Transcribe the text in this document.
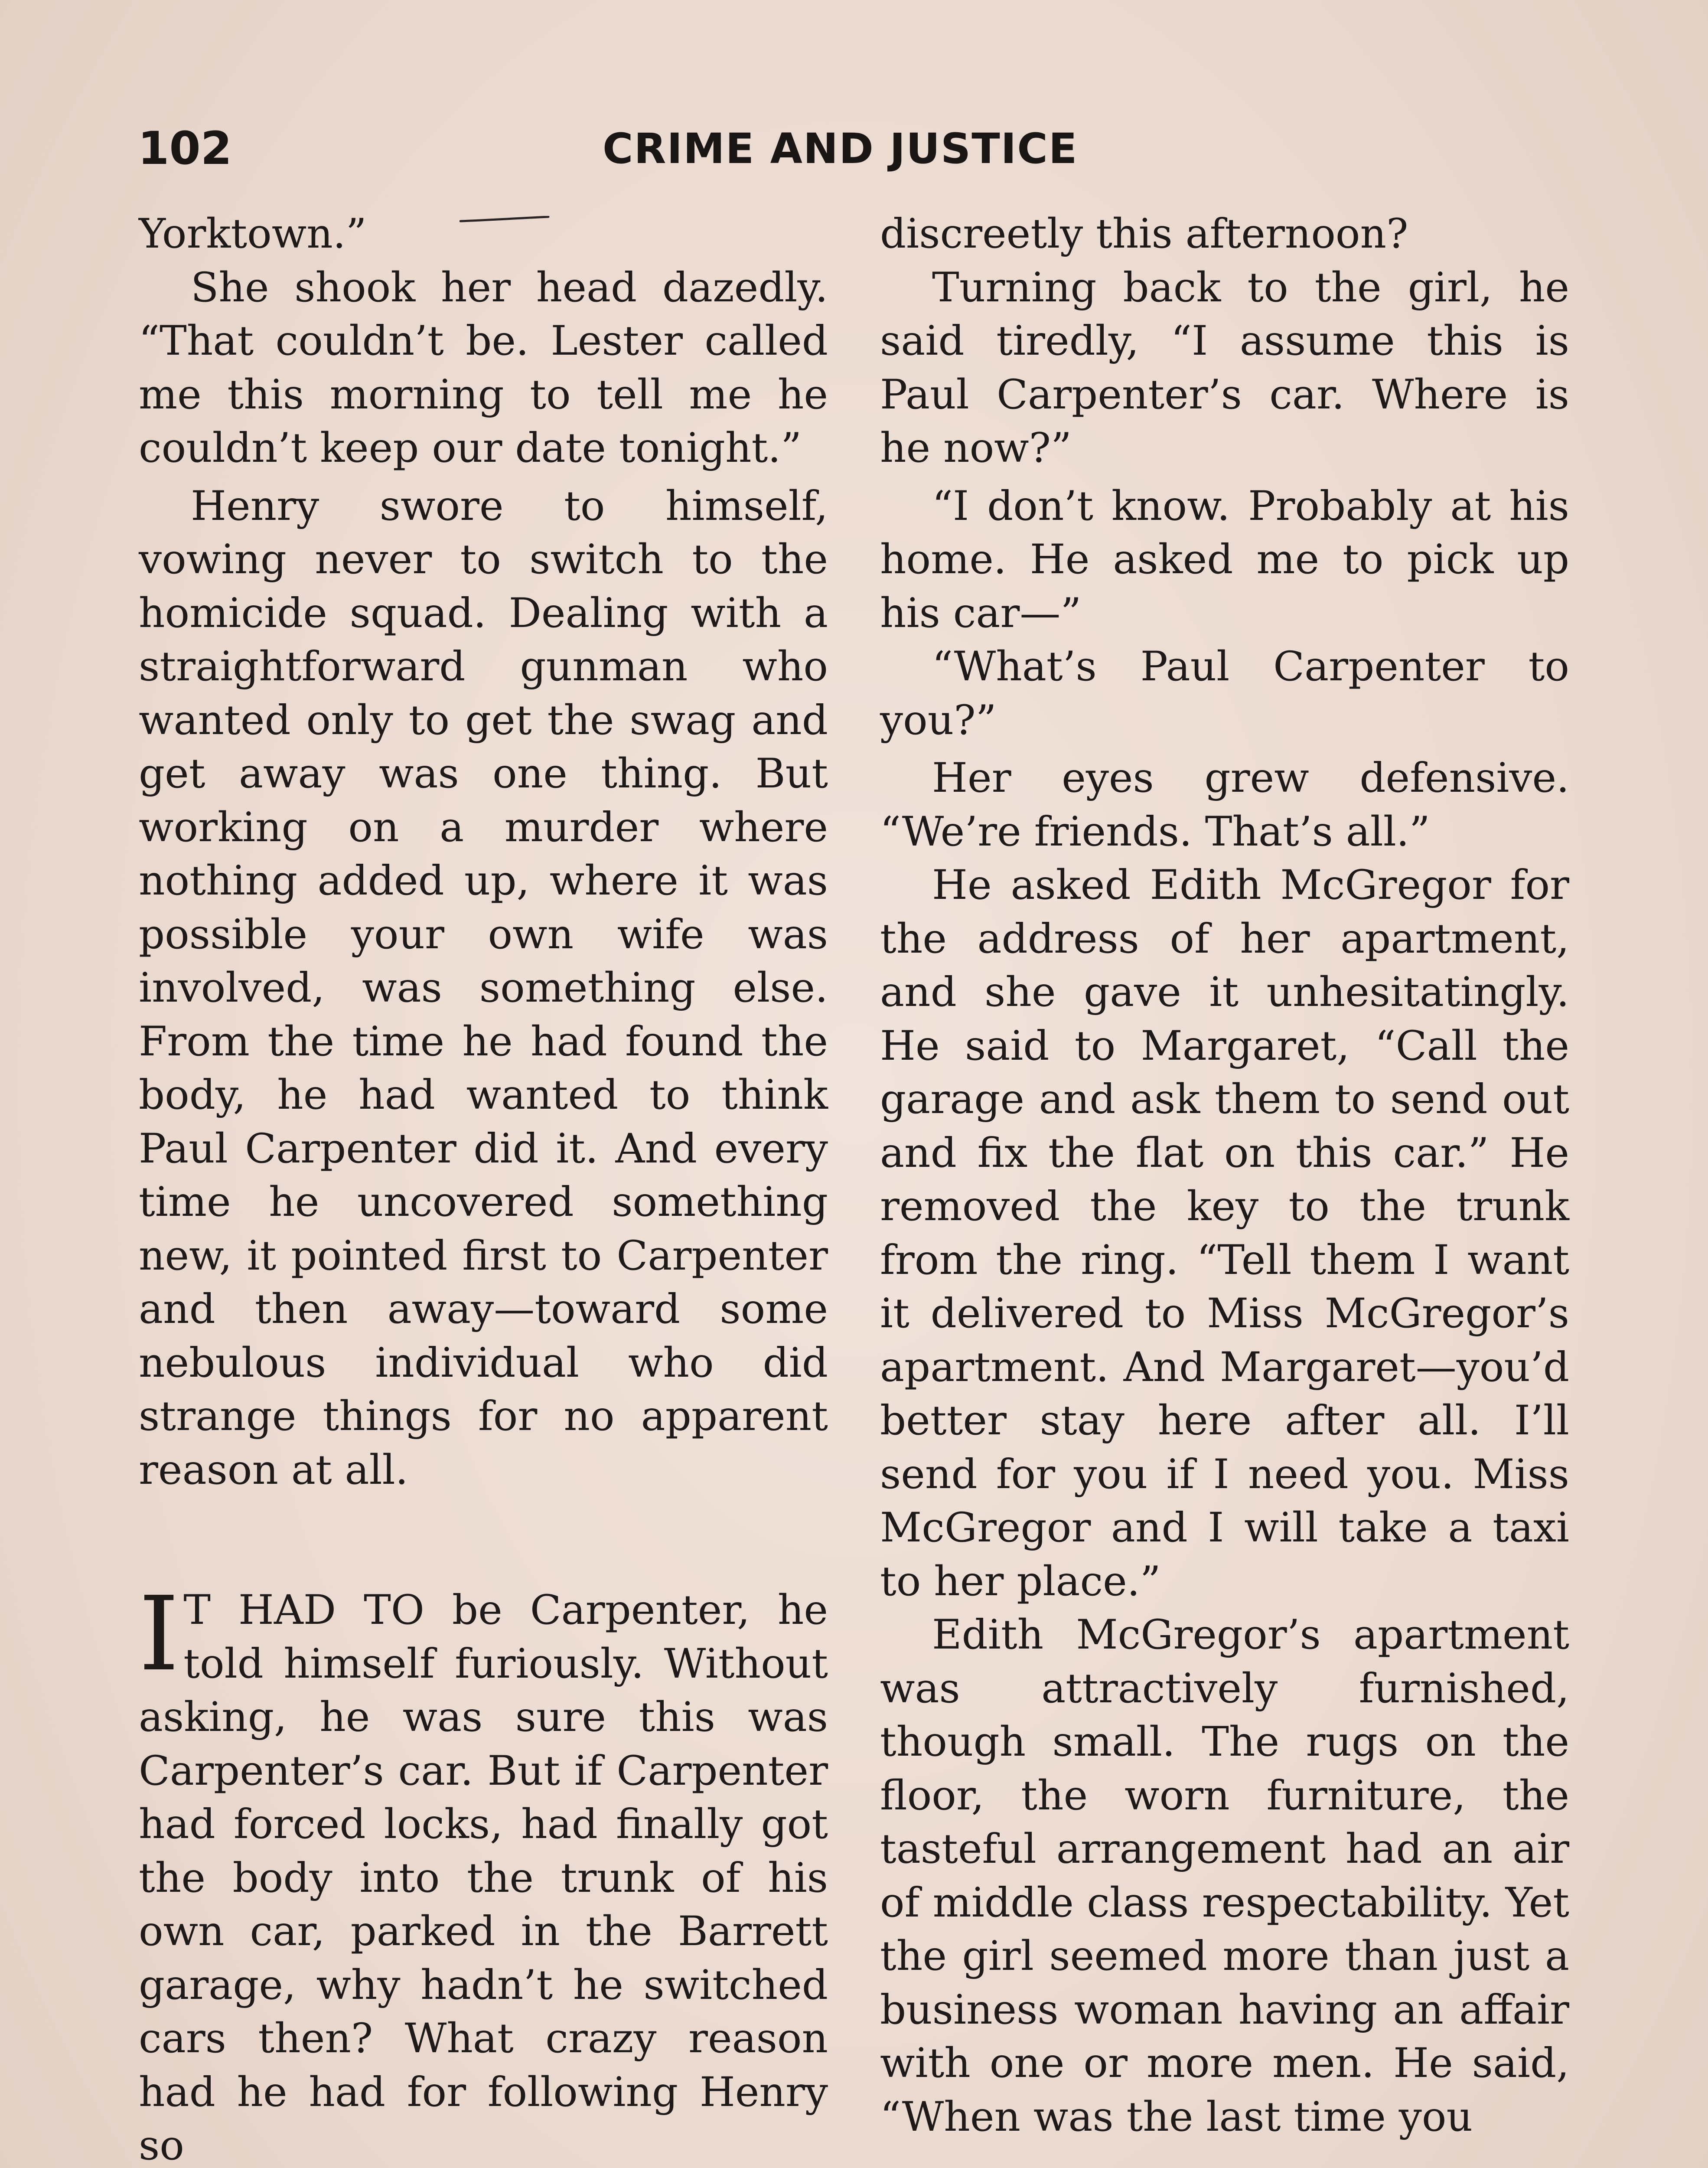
102	CRIME AND JUSTICE

Yorktown.”

She shook her head dazedly. “That couldn’t be. Lester called me this morning to tell me he couldn’t keep our date tonight.”

Henry swore to himself, vowing never to switch to the homicide squad. Dealing with a straightforward gunman who wanted only to get the swag and get away was one thing. But working on a murder where nothing added up, where it was possible your own wife was involved, was something else. From the time he had found the body, he had wanted to think Paul Carpenter did it. And every time he uncovered something new, it pointed first to Carpenter and then away—toward some nebulous individual who did strange things for no apparent reason at all.

I T HAD TO be Carpenter, he told himself furiously. Without asking, he was sure this was Carpenter’s car. But if Carpenter had forced locks, had finally got the body into the trunk of his own car, parked in the Barrett garage, why hadn’t he switched cars then? What crazy reason had he had for following Henry so

discreetly this afternoon?

Turning back to the girl, he said tiredly, “I assume this is Paul Carpenter’s car. Where is he now?”

“I don’t know. Probably at his home. He asked me to pick up his car—”

“What’s Paul Carpenter to you?”

Her eyes grew defensive. “We’re friends. That’s all.”

He asked Edith McGregor for the address of her apartment, and she gave it unhesitatingly. He said to Margaret, “Call the garage and ask them to send out and fix the flat on this car.” He removed the key to the trunk from the ring. “Tell them I want it delivered to Miss McGregor’s apartment. And Margaret—you’d better stay here after all. I’ll send for you if I need you. Miss McGregor and I will take a taxi to her place.”

Edith McGregor’s apartment was attractively furnished, though small. The rugs on the floor, the worn furniture, the tasteful arrangement had an air of middle class respectability. Yet the girl seemed more than just a business woman having an affair with one or more men. He said, “When was the last time you
